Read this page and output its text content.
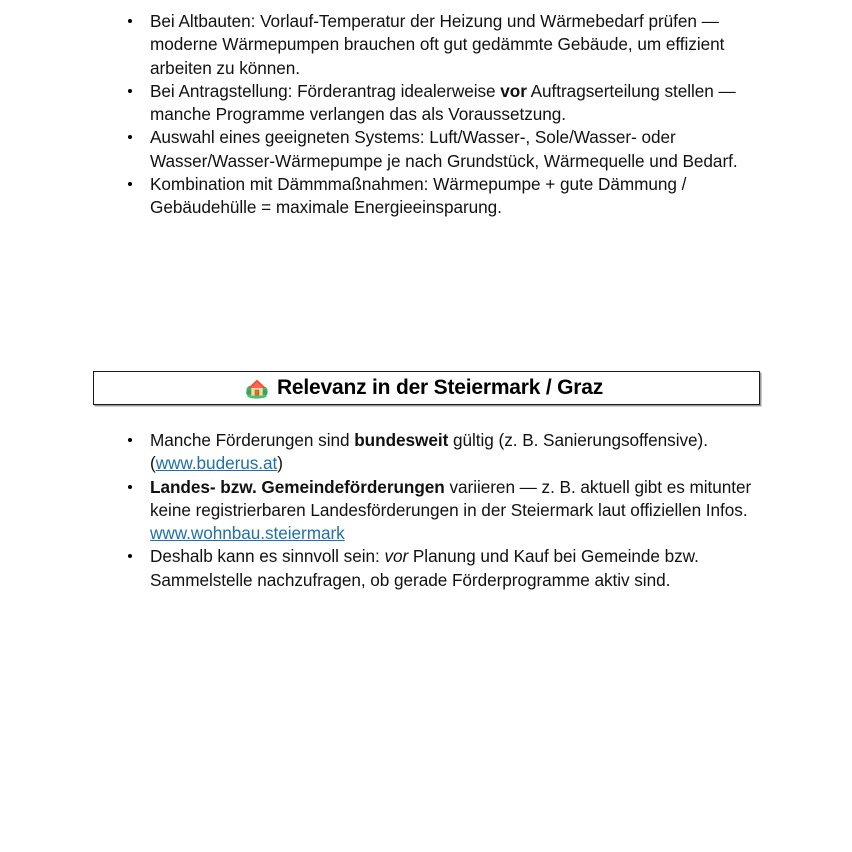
Bei Altbauten: Vorlauf-Temperatur der Heizung und Wärmebedarf prüfen — moderne Wärmepumpen brauchen oft gut gedämmte Gebäude, um effizient arbeiten zu können.
Bei Antragstellung: Förderantrag idealerweise vor Auftragserteilung stellen — manche Programme verlangen das als Voraussetzung.
Auswahl eines geeigneten Systems: Luft/Wasser-, Sole/Wasser- oder Wasser/Wasser-Wärmepumpe je nach Grundstück, Wärmequelle und Bedarf.
Kombination mit Dämmmaßnahmen: Wärmepumpe + gute Dämmung / Gebäudehülle = maximale Energieeinsparung.
Relevanz in der Steiermark / Graz
Manche Förderungen sind bundesweit gültig (z. B. Sanierungsoffensive). (www.buderus.at)
Landes- bzw. Gemeindeförderungen variieren — z. B. aktuell gibt es mitunter keine registrierbaren Landesförderungen in der Steiermark laut offiziellen Infos. www.wohnbau.steiermark
Deshalb kann es sinnvoll sein: vor Planung und Kauf bei Gemeinde bzw. Sammelstelle nachzufragen, ob gerade Förderprogramme aktiv sind.
